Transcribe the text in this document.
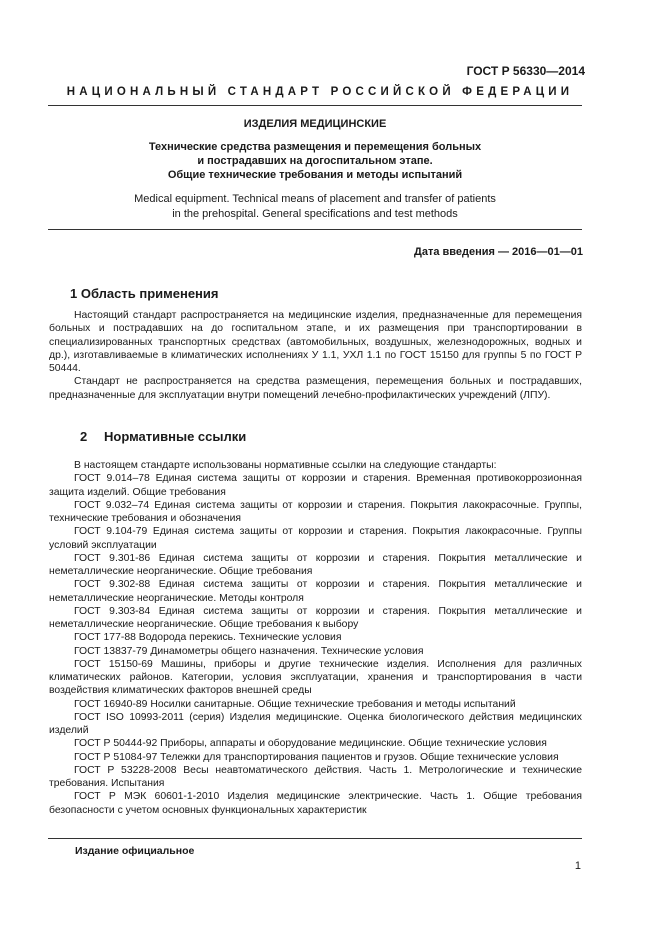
ГОСТ Р 56330—2014
НАЦИОНАЛЬНЫЙ СТАНДАРТ РОССИЙСКОЙ ФЕДЕРАЦИИ
ИЗДЕЛИЯ МЕДИЦИНСКИЕ
Технические средства размещения и перемещения больных
и пострадавших на догоспитальном этапе.
Общие технические требования и методы испытаний
Medical equipment. Technical means of placement and transfer of patients
in the prehospital. General specifications and test methods
Дата введения — 2016—01—01
1 Область применения

Настоящий стандарт распространяется на медицинские изделия, предназначенные для перемещения больных и пострадавших на до госпитальном этапе, и их размещения при транспортировании в специализированных транспортных средствах (автомобильных, воздушных, железнодорожных, водных и др.), изготавливаемые в климатических исполнениях У 1.1, УХЛ 1.1 по ГОСТ 15150 для группы 5 по ГОСТ Р 50444.

Стандарт не распространяется на средства размещения, перемещения больных и пострадавших, предназначенные для эксплуатации внутри помещений лечебно-профилактических учреждений (ЛПУ).

2 Нормативные ссылки

В настоящем стандарте использованы нормативные ссылки на следующие стандарты:

ГОСТ 9.014–78 Единая система защиты от коррозии и старения. Временная противокоррозионная защита изделий. Общие требования

ГОСТ 9.032–74 Единая система защиты от коррозии и старения. Покрытия лакокрасочные. Группы, технические требования и обозначения

ГОСТ 9.104-79 Единая система защиты от коррозии и старения. Покрытия лакокрасочные. Группы условий эксплуатации

ГОСТ 9.301-86 Единая система защиты от коррозии и старения. Покрытия металлические и неметаллические неорганические. Общие требования

ГОСТ 9.302-88 Единая система защиты от коррозии и старения. Покрытия металлические и неметаллические неорганические. Методы контроля

ГОСТ 9.303-84 Единая система защиты от коррозии и старения. Покрытия металлические и неметаллические неорганические. Общие требования к выбору

ГОСТ 177-88 Водорода перекись. Технические условия

ГОСТ 13837-79 Динамометры общего назначения. Технические условия

ГОСТ 15150-69 Машины, приборы и другие технические изделия. Исполнения для различных климатических районов. Категории, условия эксплуатации, хранения и транспортирования в части воздействия климатических факторов внешней среды

ГОСТ 16940-89 Носилки санитарные. Общие технические требования и методы испытаний

ГОСТ ISO 10993-2011 (серия) Изделия медицинские. Оценка биологического действия медицинских изделий

ГОСТ Р 50444-92 Приборы, аппараты и оборудование медицинские. Общие технические условия

ГОСТ Р 51084-97 Тележки для транспортирования пациентов и грузов. Общие технические условия

ГОСТ Р 53228-2008 Весы неавтоматического действия. Часть 1. Метрологические и технические требования. Испытания

ГОСТ Р МЭК 60601-1-2010 Изделия медицинские электрические. Часть 1. Общие требования безопасности с учетом основных функциональных характеристик

Издание официальное
1
